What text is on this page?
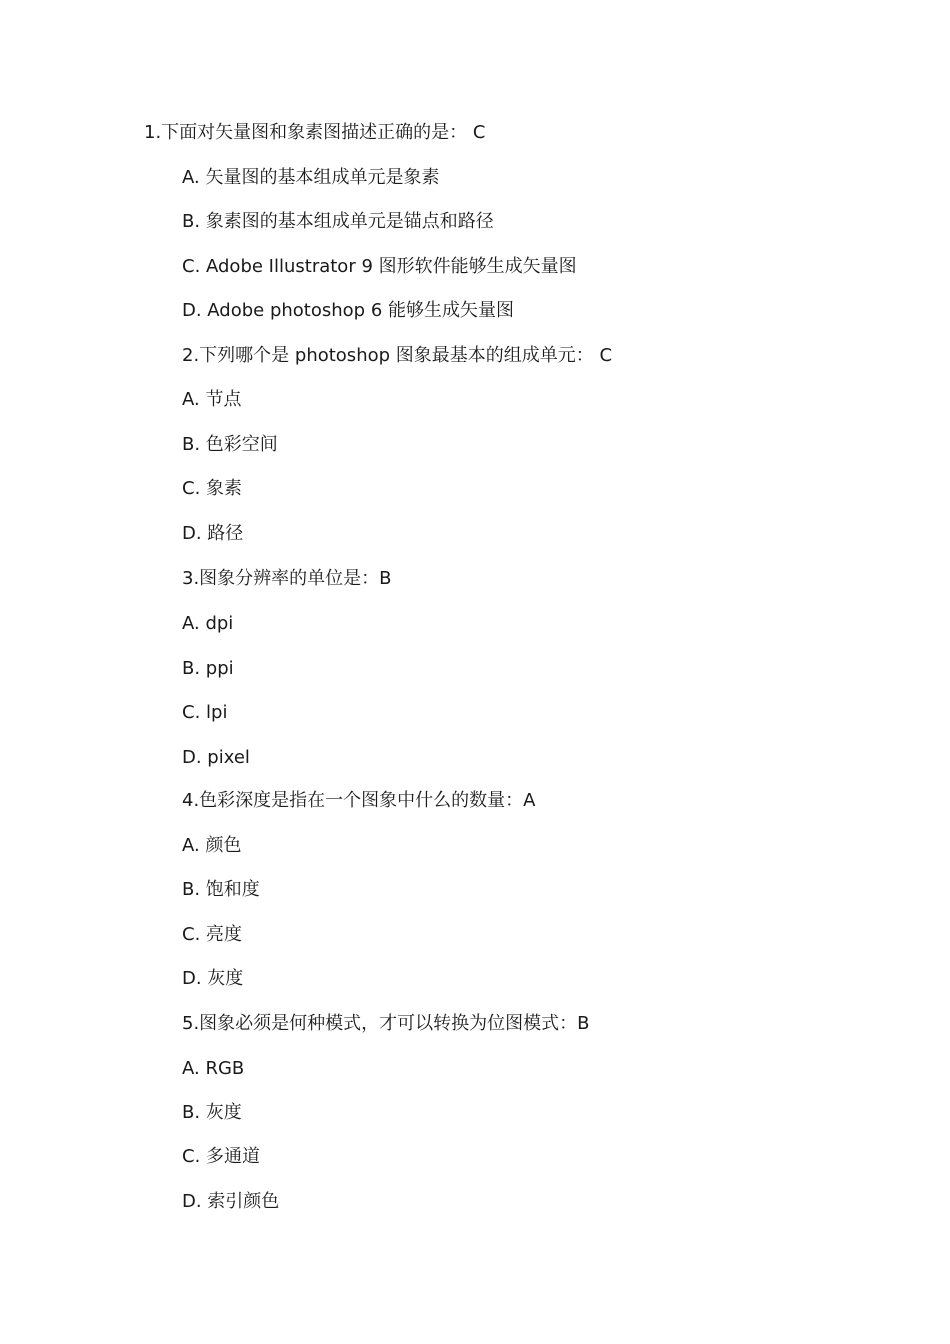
1.下面对矢量图和象素图描述正确的是： C
A. 矢量图的基本组成单元是象素
B. 象素图的基本组成单元是锚点和路径
C. Adobe Illustrator 9 图形软件能够生成矢量图
D. Adobe photoshop 6 能够生成矢量图
2.下列哪个是 photoshop 图象最基本的组成单元： C
A. 节点
B. 色彩空间
C. 象素
D. 路径
3.图象分辨率的单位是：B
A. dpi
B. ppi
C. lpi
D. pixel
4.色彩深度是指在一个图象中什么的数量：A
A. 颜色
B. 饱和度
C. 亮度
D. 灰度
5.图象必须是何种模式，才可以转换为位图模式：B
A. RGB
B. 灰度
C. 多通道
D. 索引颜色
